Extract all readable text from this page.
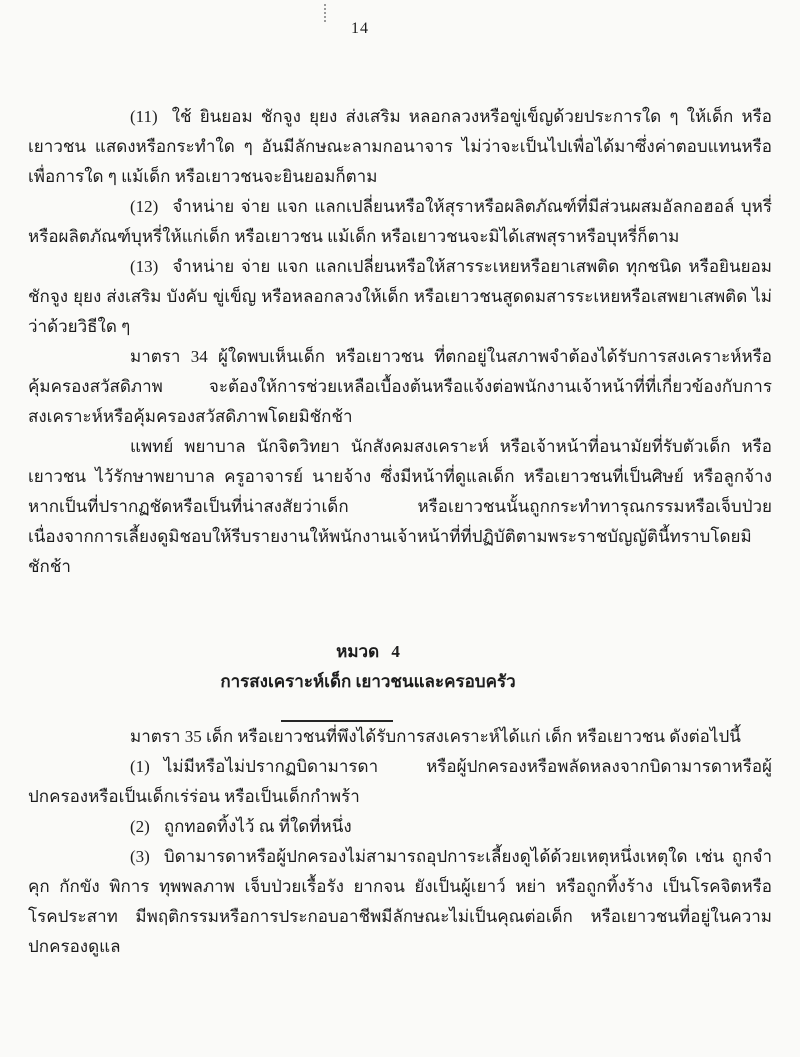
14

(11) ใช้ ยินยอม ชักจูง ยุยง ส่งเสริม หลอกลวงหรือขู่เข็ญด้วยประการใด ๆ ให้เด็ก หรือเยาวชน แสดงหรือกระทำใด ๆ อันมีลักษณะลามกอนาจาร ไม่ว่าจะเป็นไปเพื่อได้มาซึ่งค่าตอบแทนหรือเพื่อการใด ๆ แม้เด็ก หรือเยาวชนจะยินยอมก็ตาม

(12) จำหน่าย จ่าย แจก แลกเปลี่ยนหรือให้สุราหรือผลิตภัณฑ์ที่มีส่วนผสมอัลกอฮอล์ บุหรี่หรือผลิตภัณฑ์บุหรี่ให้แก่เด็ก หรือเยาวชน แม้เด็ก หรือเยาวชนจะมิได้เสพสุราหรือบุหรี่ก็ตาม

(13) จำหน่าย จ่าย แจก แลกเปลี่ยนหรือให้สารระเหยหรือยาเสพติด ทุกชนิด หรือยินยอม ชักจูง ยุยง ส่งเสริม บังคับ ขู่เข็ญ หรือหลอกลวงให้เด็ก หรือเยาวชนสูดดมสารระเหยหรือเสพยาเสพติด ไม่ว่าด้วยวิธีใด ๆ

มาตรา 34 ผู้ใดพบเห็นเด็ก หรือเยาวชน ที่ตกอยู่ในสภาพจำต้องได้รับการสงเคราะห์หรือคุ้มครองสวัสดิภาพ จะต้องให้การช่วยเหลือเบื้องต้นหรือแจ้งต่อพนักงานเจ้าหน้าที่ที่เกี่ยวข้องกับการสงเคราะห์หรือคุ้มครองสวัสดิภาพโดยมิชักช้า

แพทย์ พยาบาล นักจิตวิทยา นักสังคมสงเคราะห์ หรือเจ้าหน้าที่อนามัยที่รับตัวเด็ก หรือเยาวชน ไว้รักษาพยาบาล ครูอาจารย์ นายจ้าง ซึ่งมีหน้าที่ดูแลเด็ก หรือเยาวชนที่เป็นศิษย์ หรือลูกจ้าง หากเป็นที่ปรากฏชัดหรือเป็นที่น่าสงสัยว่าเด็ก หรือเยาวชนนั้นถูกกระทำทารุณกรรมหรือเจ็บป่วยเนื่องจากการเลี้ยงดูมิชอบให้รีบรายงานให้พนักงานเจ้าหน้าที่ที่ปฏิบัติตามพระราชบัญญัตินี้ทราบโดยมิชักช้า

หมวด 4
การสงเคราะห์เด็ก เยาวชนและครอบครัว

มาตรา 35 เด็ก หรือเยาวชนที่พึงได้รับการสงเคราะห์ได้แก่ เด็ก หรือเยาวชน ดังต่อไปนี้

(1) ไม่มีหรือไม่ปรากฏบิดามารดา หรือผู้ปกครองหรือพลัดหลงจากบิดามารดาหรือผู้ปกครองหรือเป็นเด็กเร่ร่อน หรือเป็นเด็กกำพร้า

(2) ถูกทอดทิ้งไว้ ณ ที่ใดที่หนึ่ง

(3) บิดามารดาหรือผู้ปกครองไม่สามารถอุปการะเลี้ยงดูได้ด้วยเหตุหนึ่งเหตุใด เช่น ถูกจำคุก กักขัง พิการ ทุพพลภาพ เจ็บป่วยเรื้อรัง ยากจน ยังเป็นผู้เยาว์ หย่า หรือถูกทิ้งร้าง เป็นโรคจิตหรือโรคประสาท มีพฤติกรรมหรือการประกอบอาชีพมีลักษณะไม่เป็นคุณต่อเด็ก หรือเยาวชนที่อยู่ในความปกครองดูแล
